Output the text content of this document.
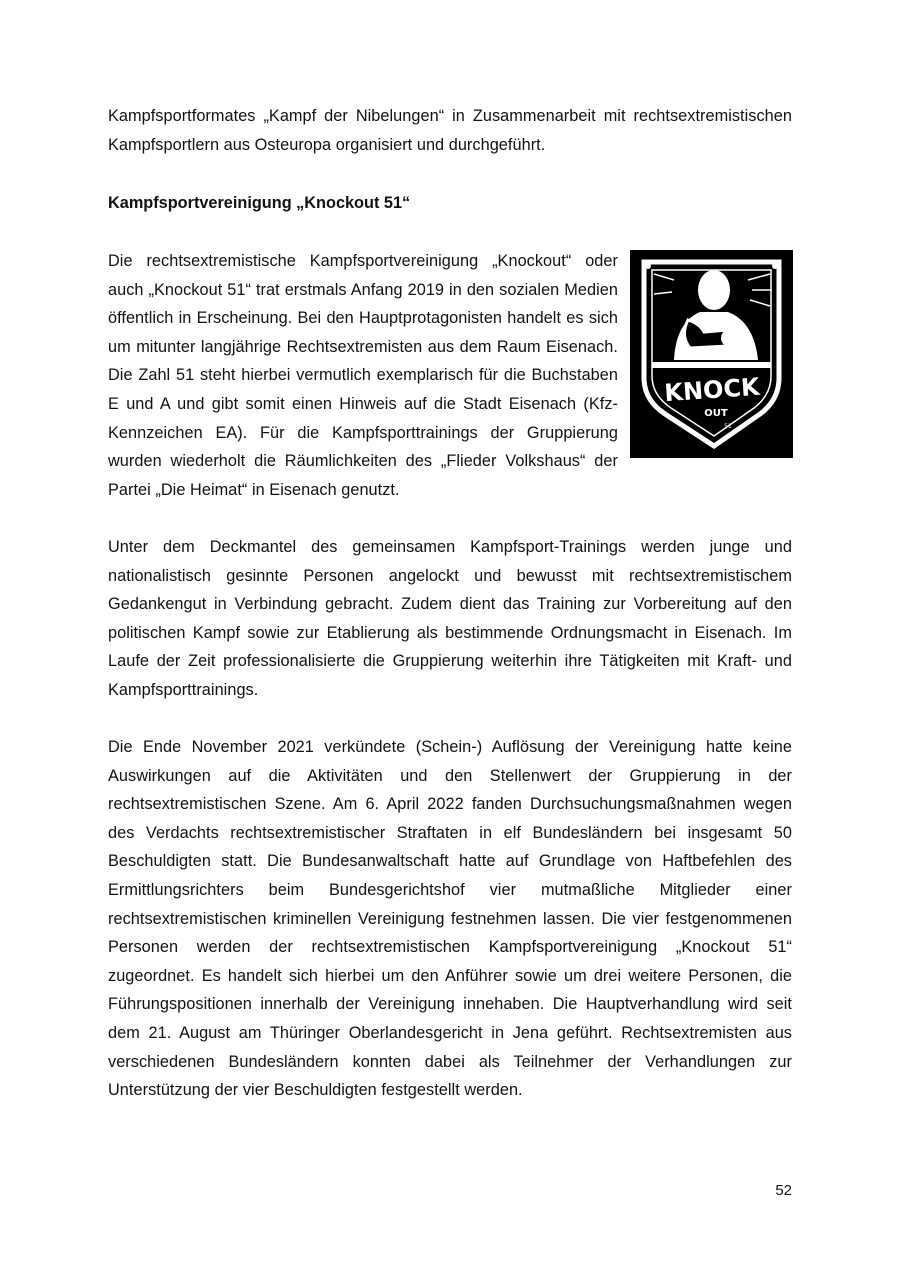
Kampfsportformates „Kampf der Nibelungen“ in Zusammenarbeit mit rechtsextremistischen Kampfsportlern aus Osteuropa organisiert und durchgeführt.

Kampfsportvereinigung „Knockout 51“

Die rechtsextremistische Kampfsportvereinigung „Knockout“ oder auch „Knockout 51“ trat erstmals Anfang 2019 in den sozialen Medien öffentlich in Erscheinung. Bei den Hauptprotagonisten handelt es sich um mitunter langjährige Rechtsextremisten aus dem Raum Eisenach. Die Zahl 51 steht hierbei vermutlich exemplarisch für die Buchstaben E und A und gibt somit einen Hinweis auf die Stadt Eisenach (Kfz-Kennzeichen EA). Für die Kampfsporttrainings der Gruppierung wurden wiederholt die Räumlichkeiten des „Flieder Volkshaus“ der Partei „Die Heimat“ in Eisenach genutzt.

KNOCK
OUT
51

Unter dem Deckmantel des gemeinsamen Kampfsport-Trainings werden junge und nationalistisch gesinnte Personen angelockt und bewusst mit rechtsextremistischem Gedankengut in Verbindung gebracht. Zudem dient das Training zur Vorbereitung auf den politischen Kampf sowie zur Etablierung als bestimmende Ordnungsmacht in Eisenach. Im Laufe der Zeit professionalisierte die Gruppierung weiterhin ihre Tätigkeiten mit Kraft- und Kampfsporttrainings.

Die Ende November 2021 verkündete (Schein-) Auflösung der Vereinigung hatte keine Auswirkungen auf die Aktivitäten und den Stellenwert der Gruppierung in der rechtsextremistischen Szene. Am 6. April 2022 fanden Durchsuchungsmaßnahmen wegen des Verdachts rechtsextremistischer Straftaten in elf Bundesländern bei insgesamt 50 Beschuldigten statt. Die Bundesanwaltschaft hatte auf Grundlage von Haftbefehlen des Ermittlungsrichters beim Bundesgerichtshof vier mutmaßliche Mitglieder einer rechtsextremistischen kriminellen Vereinigung festnehmen lassen. Die vier festgenommenen Personen werden der rechtsextremistischen Kampfsportvereinigung „Knockout 51“ zugeordnet. Es handelt sich hierbei um den Anführer sowie um drei weitere Personen, die Führungspositionen innerhalb der Vereinigung innehaben. Die Hauptverhandlung wird seit dem 21. August am Thüringer Oberlandesgericht in Jena geführt. Rechtsextremisten aus verschiedenen Bundesländern konnten dabei als Teilnehmer der Verhandlungen zur Unterstützung der vier Beschuldigten festgestellt werden.

52
